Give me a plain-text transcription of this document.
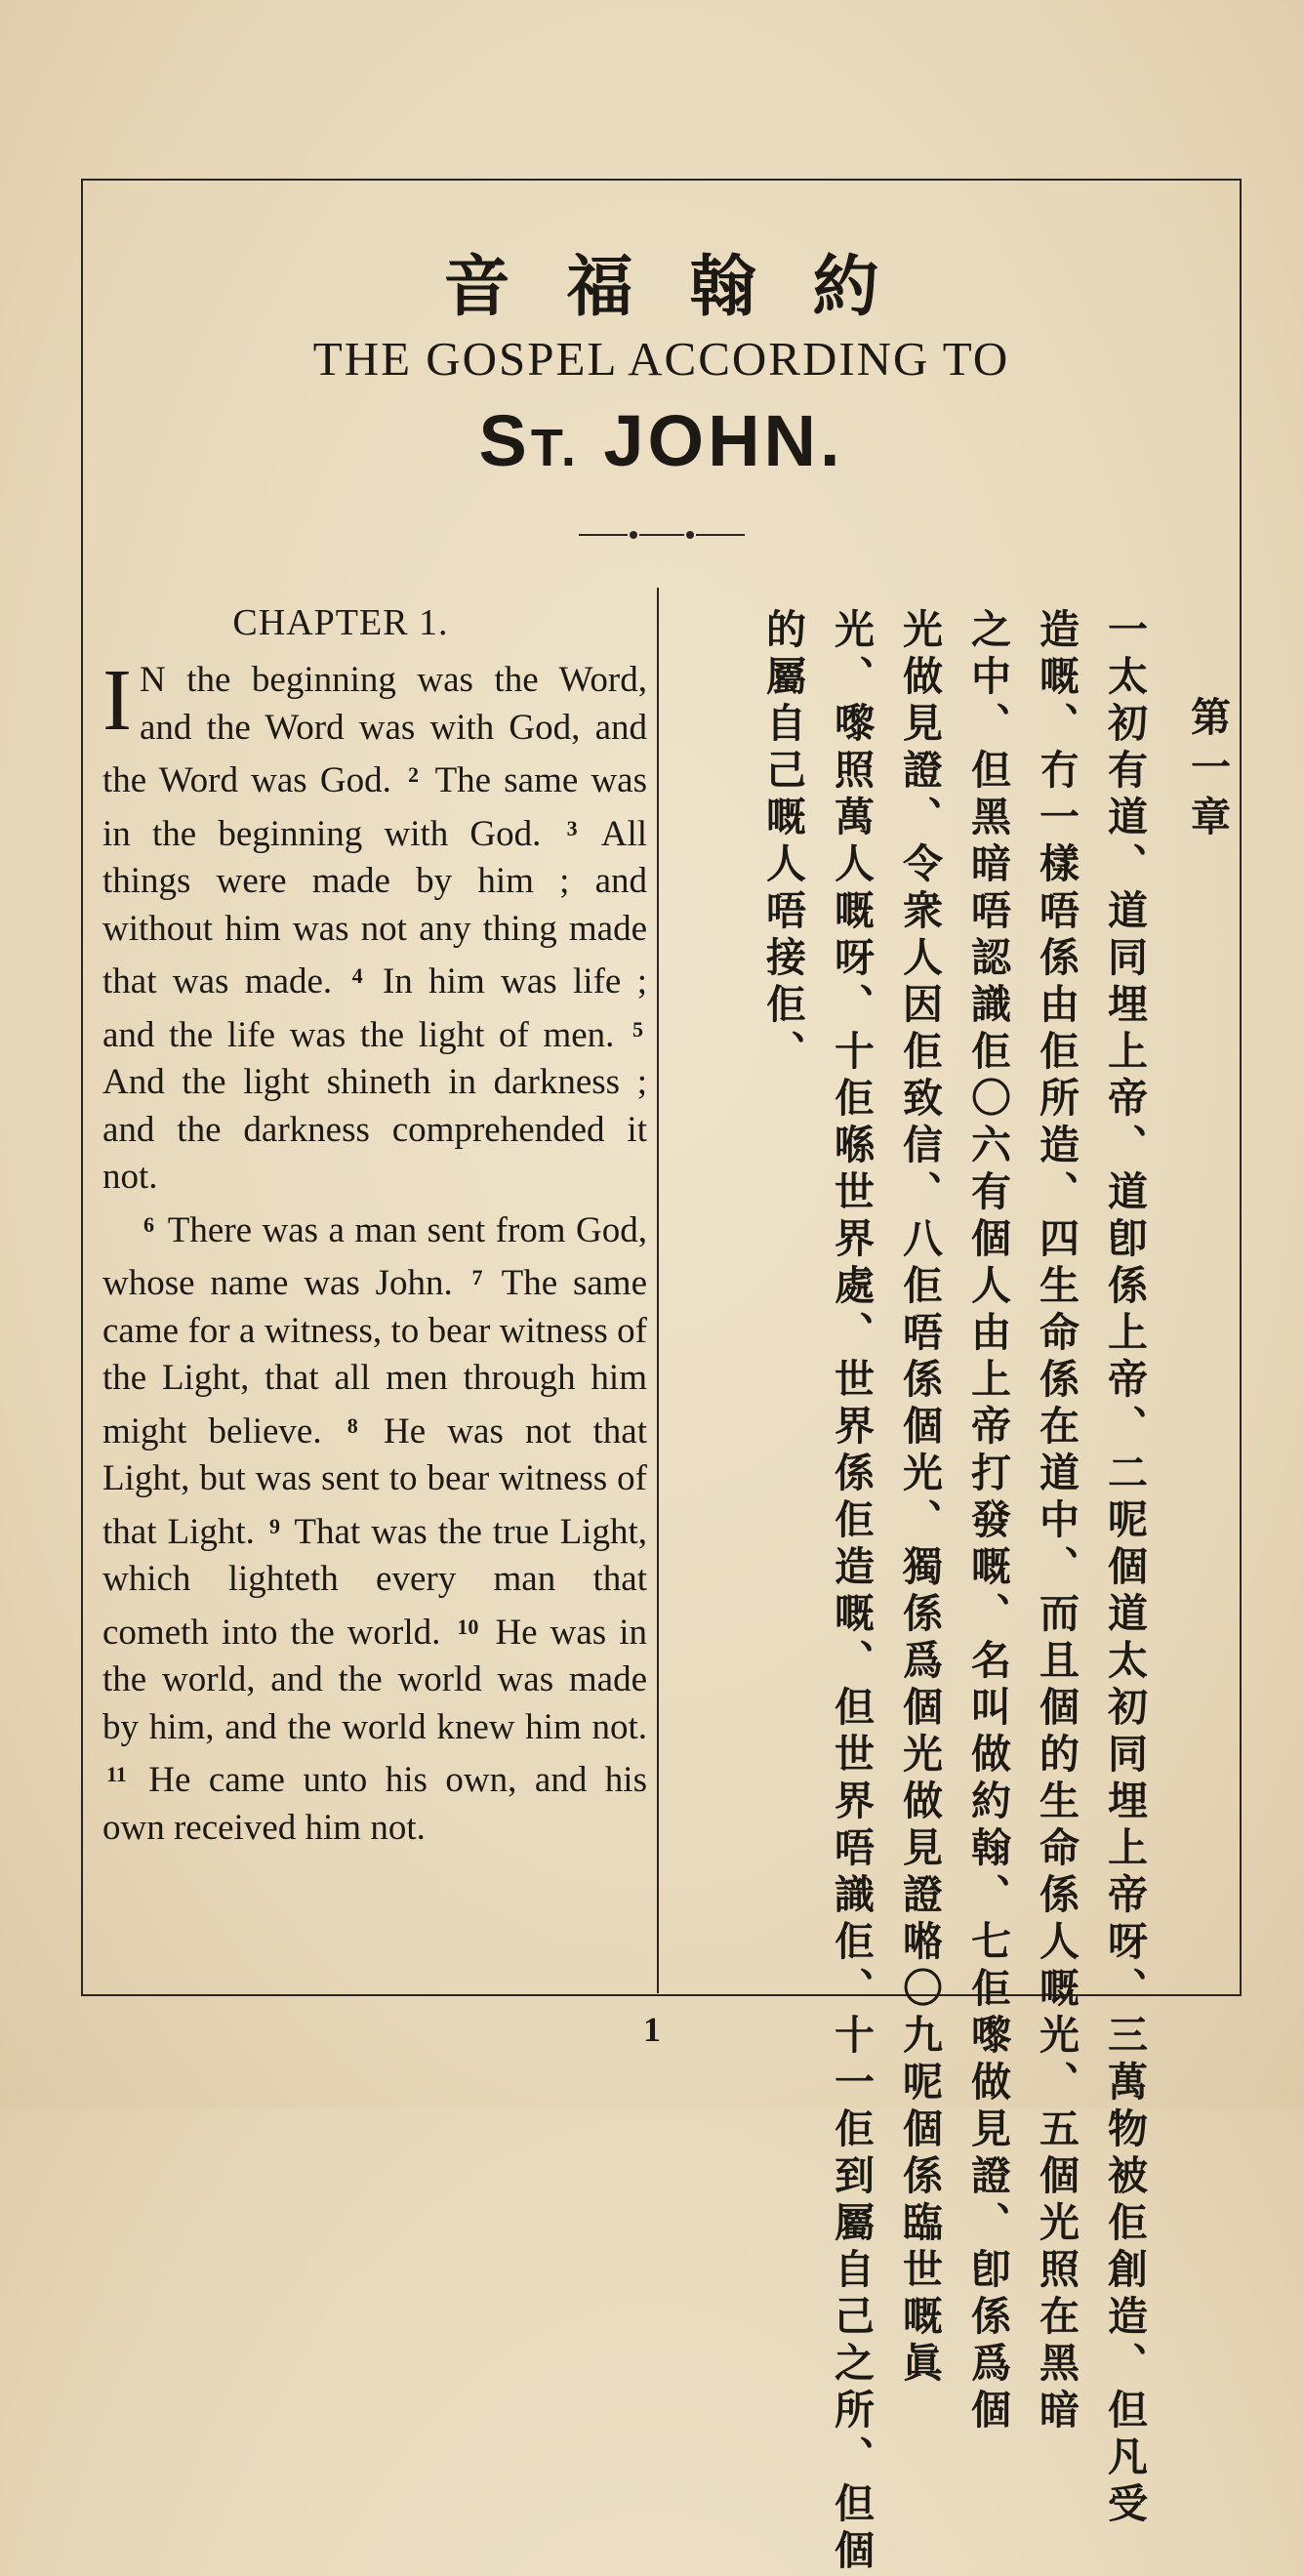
音福翰約
THE GOSPEL ACCORDING TO
ST. JOHN.
CHAPTER 1.

I N the beginning was the Word, and the Word was with God, and the Word was God. $^2$ The same was in the beginning with God. $^3$ All things were made by him ; and without him was not any thing made that was made. $^4$ In him was life ; and the life was the light of men. $^5$ And the light shineth in darkness ; and the darkness comprehended it not.

$^6$ There was a man sent from God, whose name was John. $^7$ The same came for a witness, to bear witness of the Light, that all men through him might believe. $^8$ He was not that Light, but was sent to bear witness of that Light. $^9$ That was the true Light, which lighteth every man that cometh into the world. $^{10}$ He was in the world, and the world was made by him, and the world knew him not. $^{11}$ He came unto his own, and his own received him not.

第一章
一太初有道、道同埋上帝、道卽係上帝、二呢個道太初同埋上帝呀、三萬物被佢創造、但凡受
造嘅、冇一樣唔係由佢所造、四生命係在道中、而且個的生命係人嘅光、五個光照在黑暗
之中、但黑暗唔認識佢〇六有個人由上帝打發嘅、名叫做約翰、七佢嚟做見證、卽係爲個
光做見證、令衆人因佢致信、八佢唔係個光、獨係爲個光做見證𠺝〇九呢個係臨世嘅眞
光、嚟照萬人嘅呀、十佢喺世界處、世界係佢造嘅、但世界唔識佢、十一佢到屬自己之所、但個
的屬自己嘅人唔接佢、
1
